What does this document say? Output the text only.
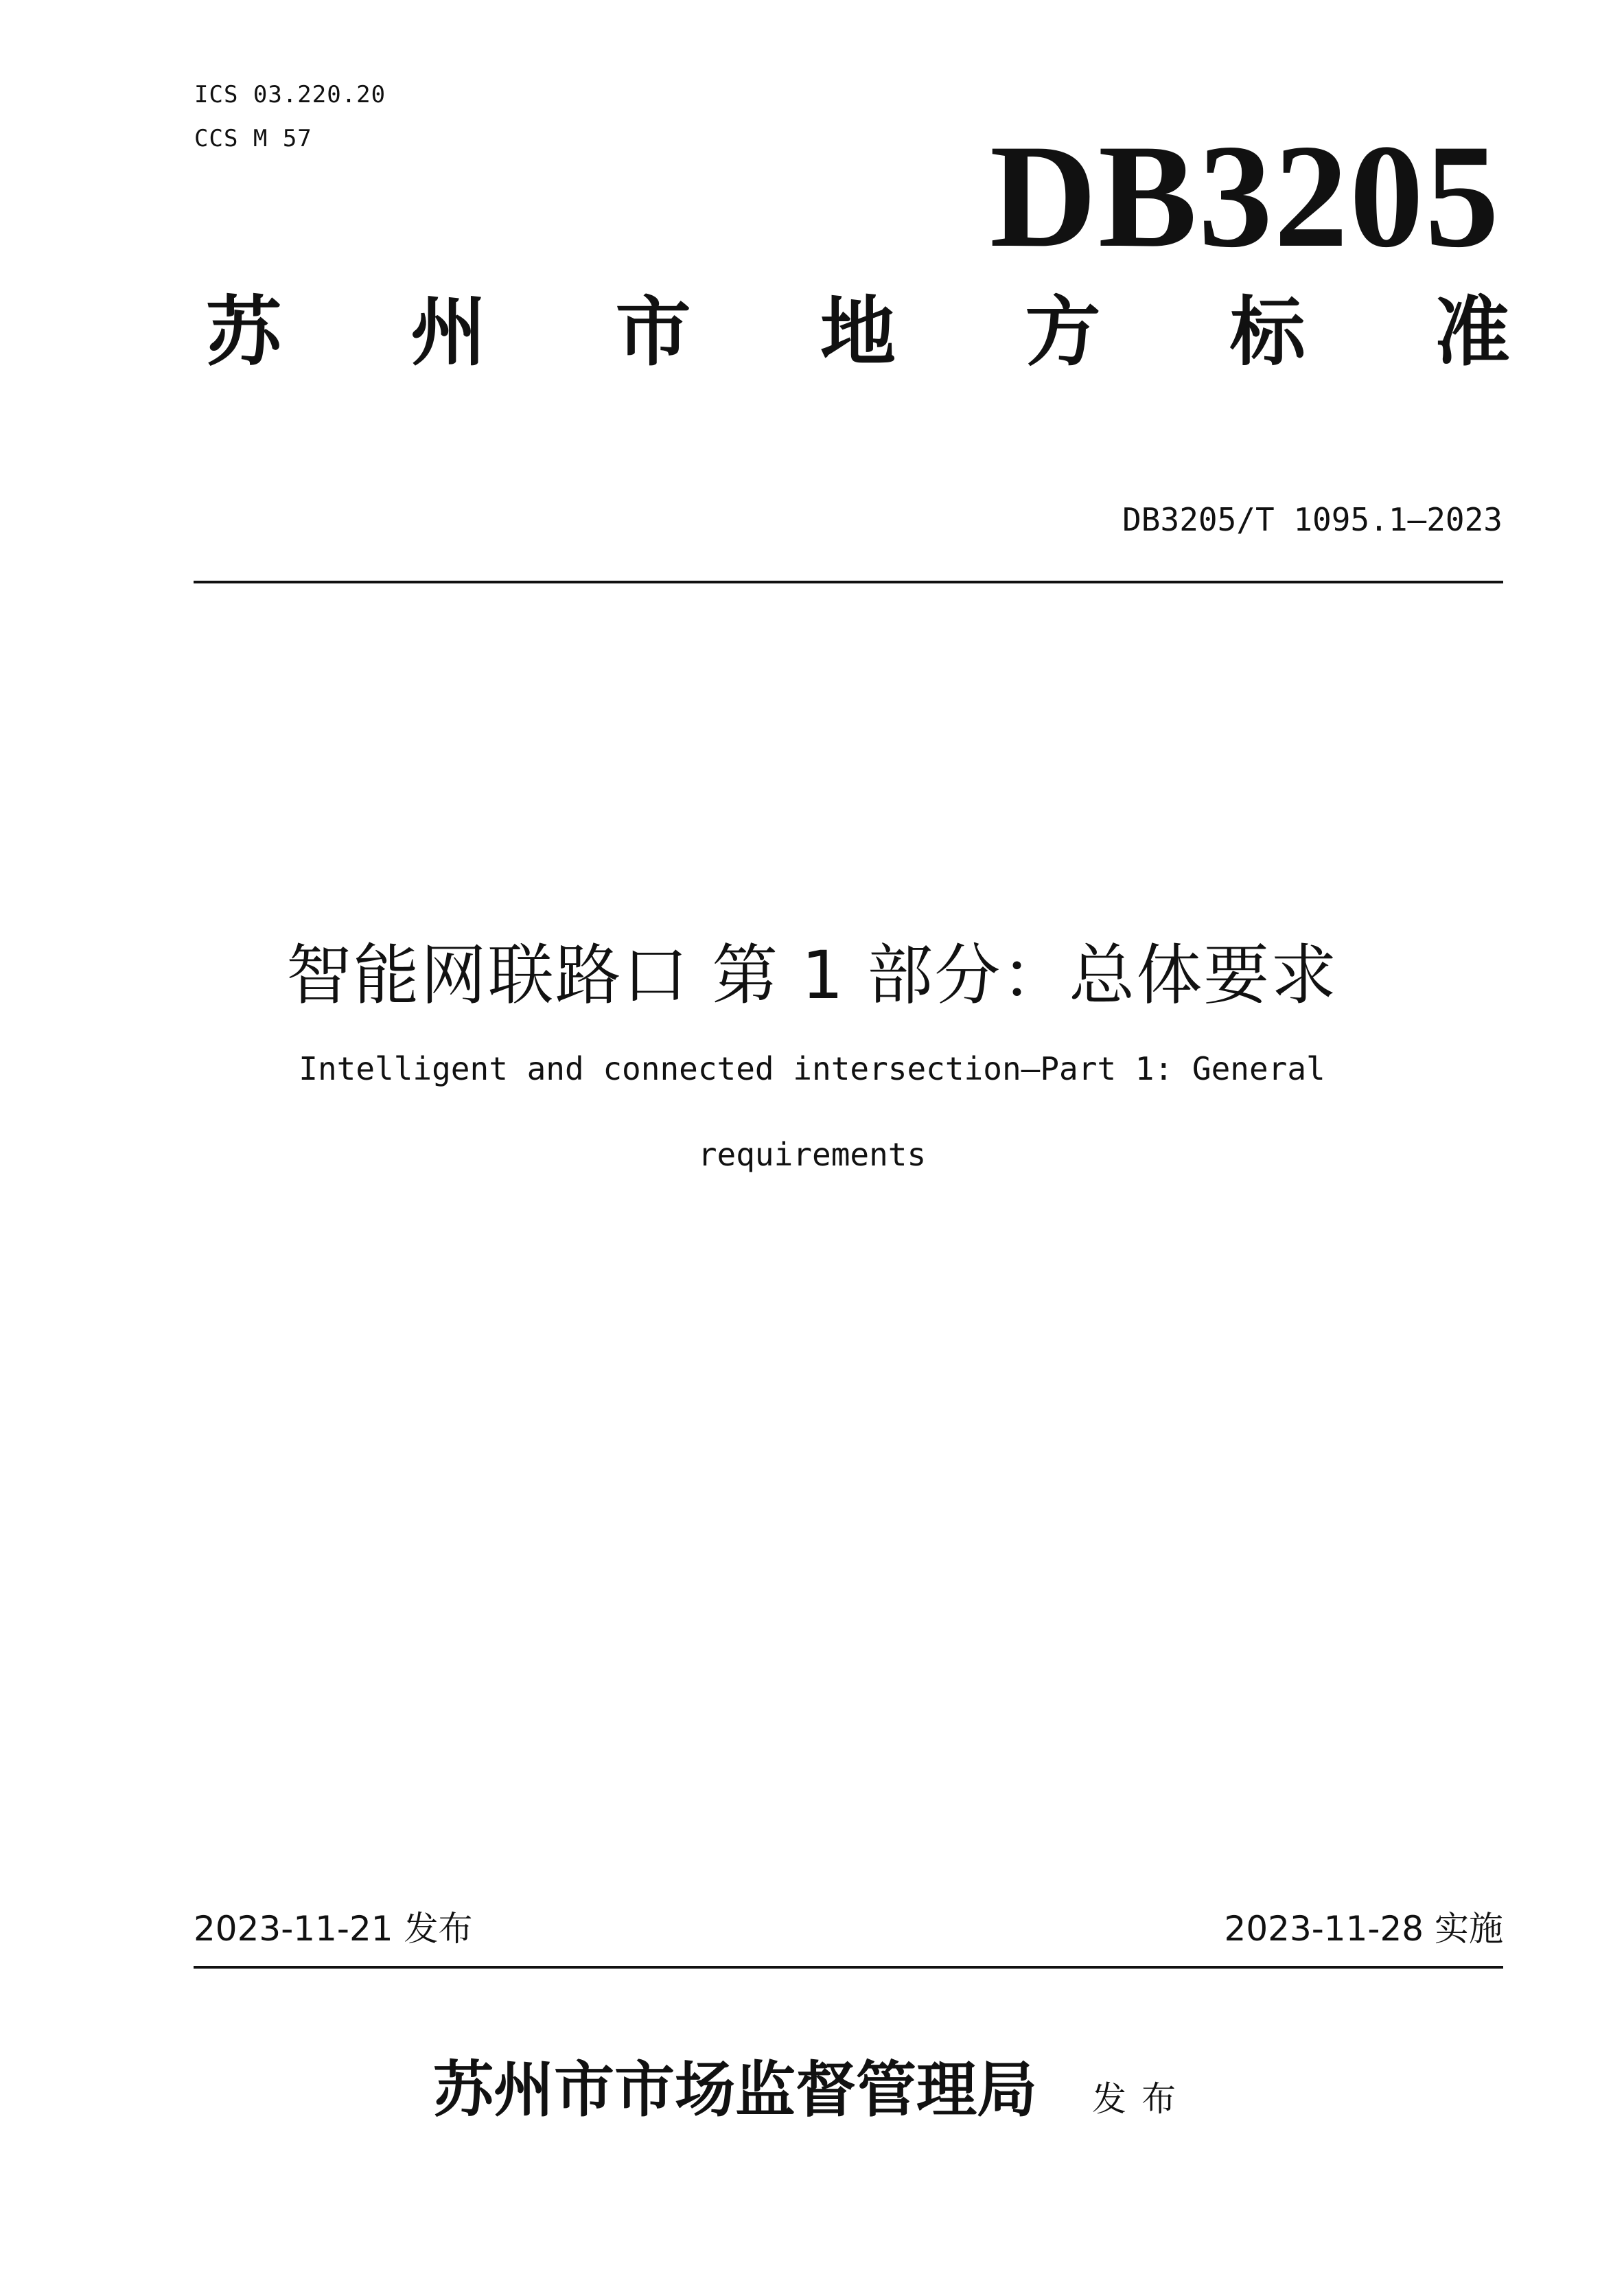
ICS 03.220.20
CCS M 57	DB3205
苏 州 市 地 方 标 准
DB3205/T 1095.1—2023
智能网联路口 第 1 部分：总体要求
Intelligent and connected intersection—Part 1: General
requirements
2023-11-21 发布	2023-11-28 实施
苏州市市场监督管理局 发布
